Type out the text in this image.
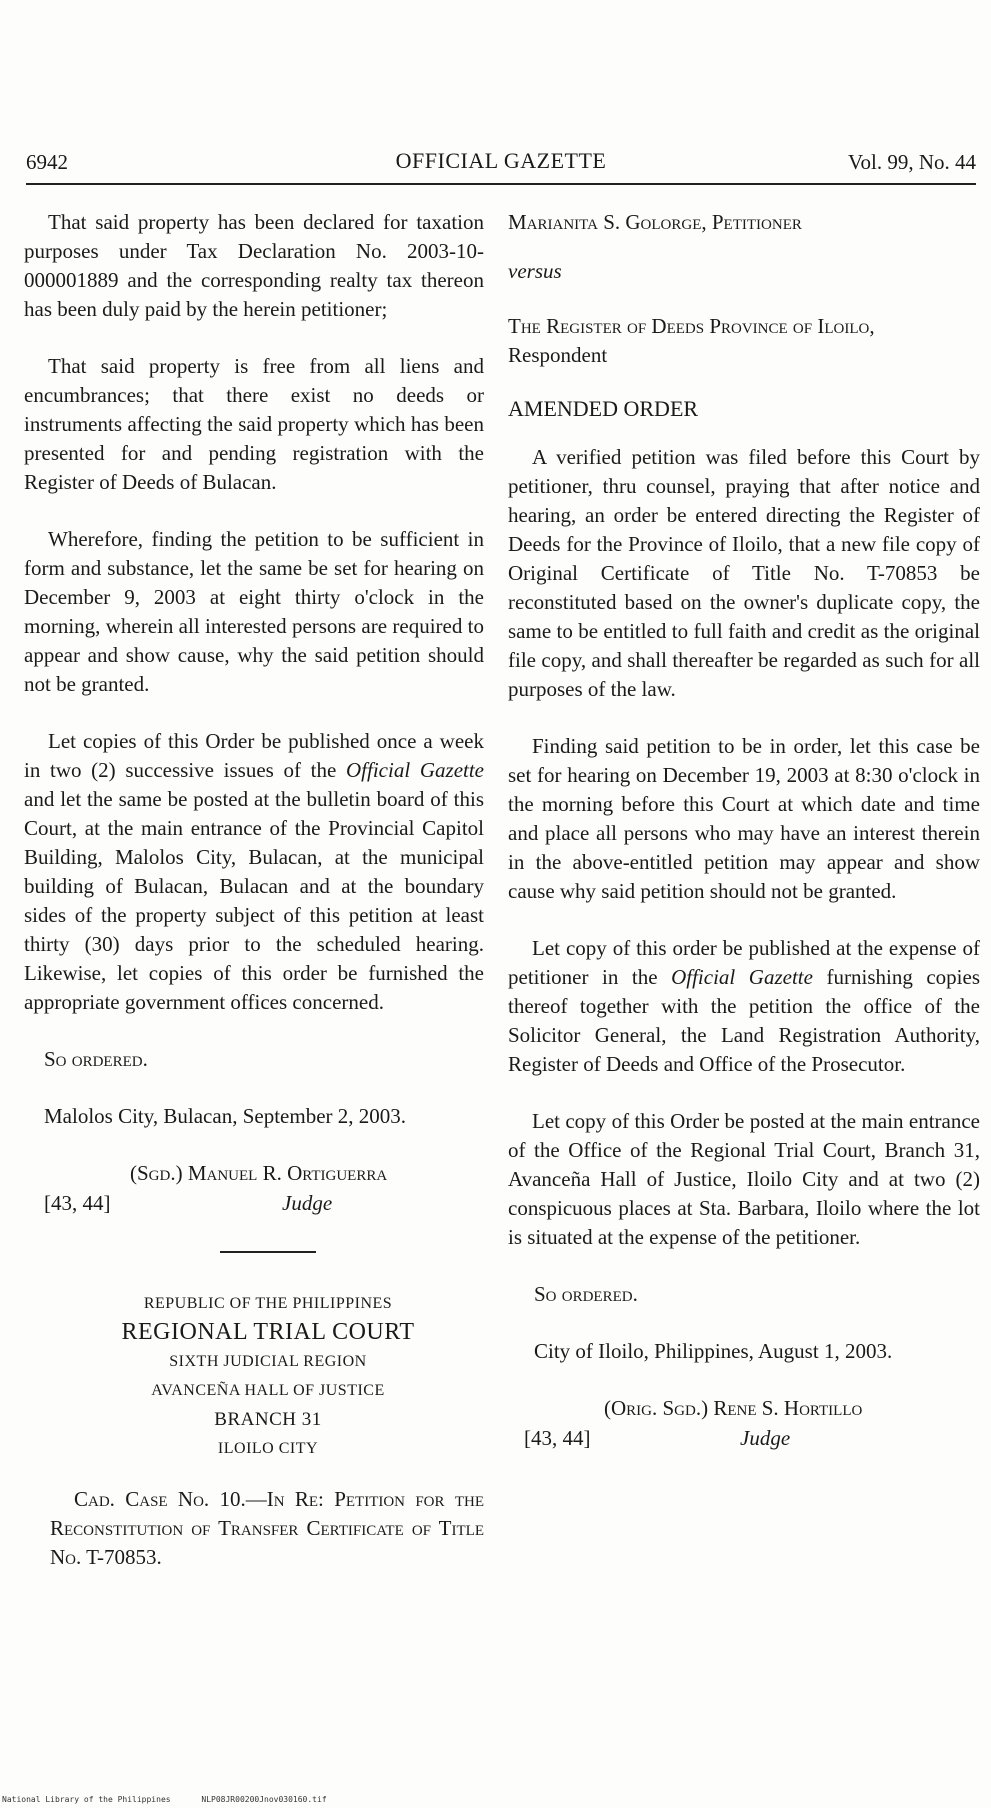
6942	OFFICIAL GAZETTE	Vol. 99, No. 44

That said property has been declared for taxation purposes under Tax Declaration No. 2003-10-000001889 and the corresponding realty tax thereon has been duly paid by the herein petitioner;

That said property is free from all liens and encumbrances; that there exist no deeds or instruments affecting the said property which has been presented for and pending registration with the Register of Deeds of Bulacan.

Wherefore, finding the petition to be sufficient in form and substance, let the same be set for hearing on December 9, 2003 at eight thirty o'clock in the morning, wherein all interested persons are required to appear and show cause, why the said petition should not be granted.

Let copies of this Order be published once a week in two (2) successive issues of the Official Gazette and let the same be posted at the bulletin board of this Court, at the main entrance of the Provincial Capitol Building, Malolos City, Bulacan, at the municipal building of Bulacan, Bulacan and at the boundary sides of the property subject of this petition at least thirty (30) days prior to the scheduled hearing. Likewise, let copies of this order be furnished the appropriate government offices concerned.

So ordered.

Malolos City, Bulacan, September 2, 2003.

(Sgd.) Manuel R. Ortiguerra
[43, 44]	Judge
REPUBLIC OF THE PHILIPPINES
REGIONAL TRIAL COURT
SIXTH JUDICIAL REGION
AVANCEÑA HALL OF JUSTICE
BRANCH 31
ILOILO CITY

Cad. Case No. 10.—In Re: Petition for the Reconstitution of Transfer Certificate of Title No. T-70853.

Marianita S. Golorge, Petitioner

versus

The Register of Deeds Province of Iloilo,
Respondent

AMENDED ORDER

A verified petition was filed before this Court by petitioner, thru counsel, praying that after notice and hearing, an order be entered directing the Register of Deeds for the Province of Iloilo, that a new file copy of Original Certificate of Title No. T-70853 be reconstituted based on the owner's duplicate copy, the same to be entitled to full faith and credit as the original file copy, and shall thereafter be regarded as such for all purposes of the law.

Finding said petition to be in order, let this case be set for hearing on December 19, 2003 at 8:30 o'clock in the morning before this Court at which date and time and place all persons who may have an interest therein in the above-entitled petition may appear and show cause why said petition should not be granted.

Let copy of this order be published at the expense of petitioner in the Official Gazette furnishing copies thereof together with the petition the office of the Solicitor General, the Land Registration Authority, Register of Deeds and Office of the Prosecutor.

Let copy of this Order be posted at the main entrance of the Office of the Regional Trial Court, Branch 31, Avanceña Hall of Justice, Iloilo City and at two (2) conspicuous places at Sta. Barbara, Iloilo where the lot is situated at the expense of the petitioner.

So ordered.

City of Iloilo, Philippines, August 1, 2003.

(Orig. Sgd.) Rene S. Hortillo
[43, 44]	Judge
National Library of the Philippines	NLP08JR00200Jnov030160.tif
